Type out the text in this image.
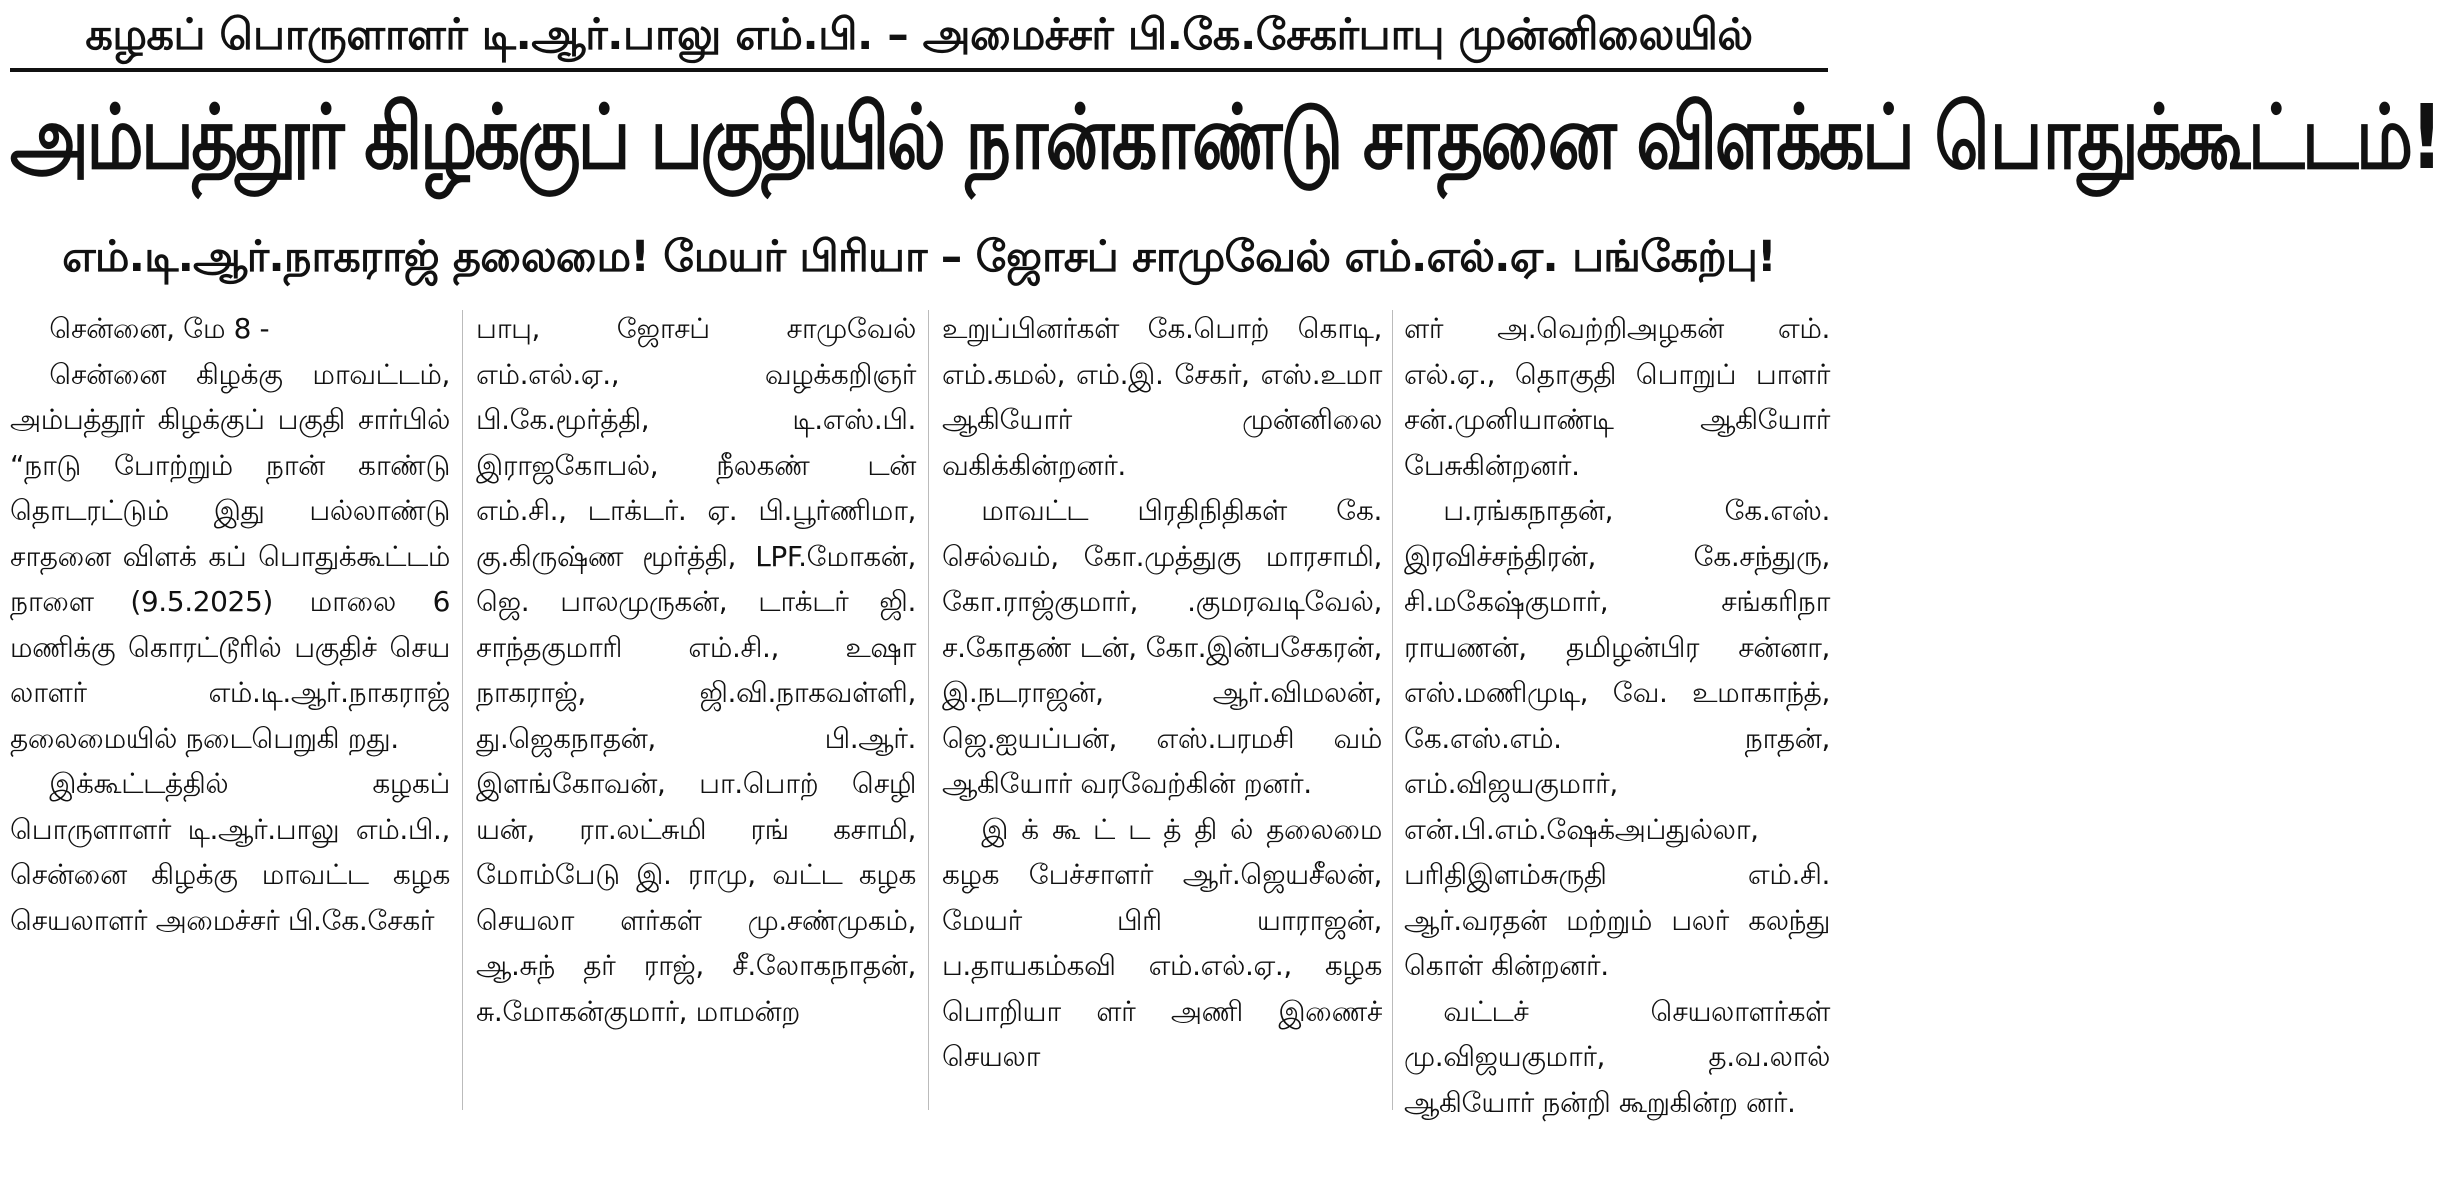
கழகப் பொருளாளர் டி.ஆர்.பாலு எம்.பி. – அமைச்சர் பி.கே.சேகர்பாபு முன்னிலையில்
அம்பத்தூர் கிழக்குப் பகுதியில் நான்காண்டு சாதனை விளக்கப் பொதுக்கூட்டம்!
எம்.டி.ஆர்.நாகராஜ் தலைமை! மேயர் பிரியா – ஜோசப் சாமுவேல் எம்.எல்.ஏ. பங்கேற்பு!

சென்னை, மே 8 -

சென்னை கிழக்கு மாவட்டம், அம்பத்தூர் கிழக்குப் பகுதி சார்பில் “நாடு போற்றும் நான் காண்டு தொடரட்டும் இது பல்லாண்டு சாதனை விளக் கப் பொதுக்கூட்டம் நாளை (9.5.2025) மாலை 6 மணிக்கு கொரட்டூரில் பகுதிச் செய லாளர் எம்.டி.ஆர்.நாகராஜ் தலைமையில் நடைபெறுகி றது.

இக்கூட்டத்தில் கழகப் பொருளாளர் டி.ஆர்.பாலு எம்.பி., சென்னை கிழக்கு மாவட்ட கழக செயலாளர் அமைச்சர் பி.கே.சேகர்

பாபு, ஜோசப் சாமுவேல் எம்.எல்.ஏ., வழக்கறிஞர் பி.கே.மூர்த்தி, டி.எஸ்.பி. இராஜகோபல், நீலகண் டன் எம்.சி., டாக்டர். ஏ. பி.பூர்ணிமா, கு.கிருஷ்ண மூர்த்தி, LPF.மோகன், ஜெ. பாலமுருகன், டாக்டர் ஜி. சாந்தகுமாரி எம்.சி., உஷா நாகராஜ், ஜி.வி.நாகவள்ளி, து.ஜெகநாதன், பி.ஆர். இளங்கோவன், பா.பொற் செழி யன், ரா.லட்சுமி ரங் கசாமி, மோம்பேடு இ. ராமு, வட்ட கழக செயலா ளர்கள் மு.சண்முகம், ஆ.சுந் தர் ராஜ், சீ.லோகநாதன், சு.மோகன்குமார், மாமன்ற

உறுப்பினர்கள் கே.பொற் கொடி, எம்.கமல், எம்.இ. சேகர், எஸ்.உமா ஆகியோர் முன்னிலை வகிக்கின்றனர்.

மாவட்ட பிரதிநிதிகள் கே. செல்வம், கோ.முத்துகு மாரசாமி, கோ.ராஜ்குமார், .குமரவடிவேல், ச.கோதண் டன், கோ.இன்பசேகரன், இ.நடராஜன், ஆர்.விமலன், ஜெ.ஐயப்பன், எஸ்.பரமசி வம் ஆகியோர் வரவேற்கின் றனர்.

இ க் கூ ட் ட த் தி ல் தலைமை கழக பேச்சாளர் ஆர்.ஜெயசீலன், மேயர் பிரி யாராஜன், ப.தாயகம்கவி எம்.எல்.ஏ., கழக பொறியா ளர் அணி இணைச் செயலா

ளர் அ.வெற்றிஅழகன் எம். எல்.ஏ., தொகுதி பொறுப் பாளர் சன்.முனியாண்டி ஆகியோர் பேசுகின்றனர்.

ப.ரங்கநாதன், கே.எஸ். இரவிச்சந்திரன், கே.சந்துரு, சி.மகேஷ்குமார், சங்கரிநா ராயணன், தமிழன்பிர சன்னா, எஸ்.மணிமுடி, வே. உமாகாந்த், கே.எஸ்.எம். நாதன், எம்.விஜயகுமார், என்.பி.எம்.ஷேக்அப்துல்லா, பரிதிஇளம்சுருதி எம்.சி. ஆர்.வரதன் மற்றும் பலர் கலந்து கொள் கின்றனர்.

வட்டச் செயலாளர்கள் மு.விஜயகுமார், த.வ.லால் ஆகியோர் நன்றி கூறுகின்ற னர்.
